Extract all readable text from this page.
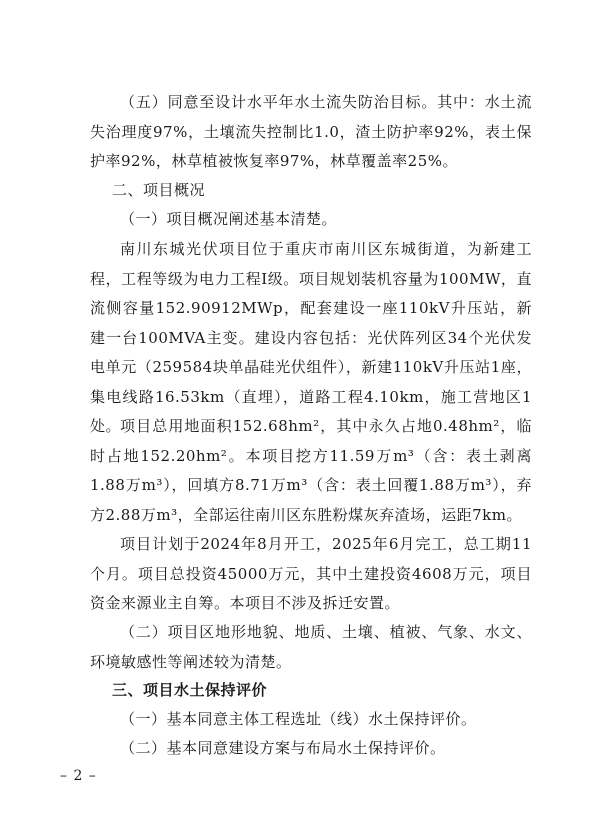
（五）同意至设计水平年水土流失防治目标。其中：水土流失治理度97%，土壤流失控制比1.0，渣土防护率92%，表土保护率92%，林草植被恢复率97%，林草覆盖率25%。

二、项目概况

（一）项目概况阐述基本清楚。

南川东城光伏项目位于重庆市南川区东城街道，为新建工程，工程等级为电力工程Ⅰ级。项目规划装机容量为100MW，直流侧容量152.90912MWp，配套建设一座110kV升压站，新建一台100MVA主变。建设内容包括：光伏阵列区34个光伏发电单元（259584块单晶硅光伏组件），新建110kV升压站1座，集电线路16.53km（直埋），道路工程4.10km，施工营地区1处。

项目总用地面积152.68hm²，其中永久占地0.48hm²，临时占地152.20hm²。本项目挖方11.59万m³（含：表土剥离1.88万m³），回填方8.71万m³（含：表土回覆1.88万m³），弃方2.88万m³，全部运往南川区东胜粉煤灰弃渣场，运距7km。

项目计划于2024年8月开工，2025年6月完工，总工期11个月。项目总投资45000万元，其中土建投资4608万元，项目资金来源业主自筹。本项目不涉及拆迁安置。

（二）项目区地形地貌、地质、土壤、植被、气象、水文、环境敏感性等阐述较为清楚。

三、项目水土保持评价

（一）基本同意主体工程选址（线）水土保持评价。

（二）基本同意建设方案与布局水土保持评价。

– 2 –
